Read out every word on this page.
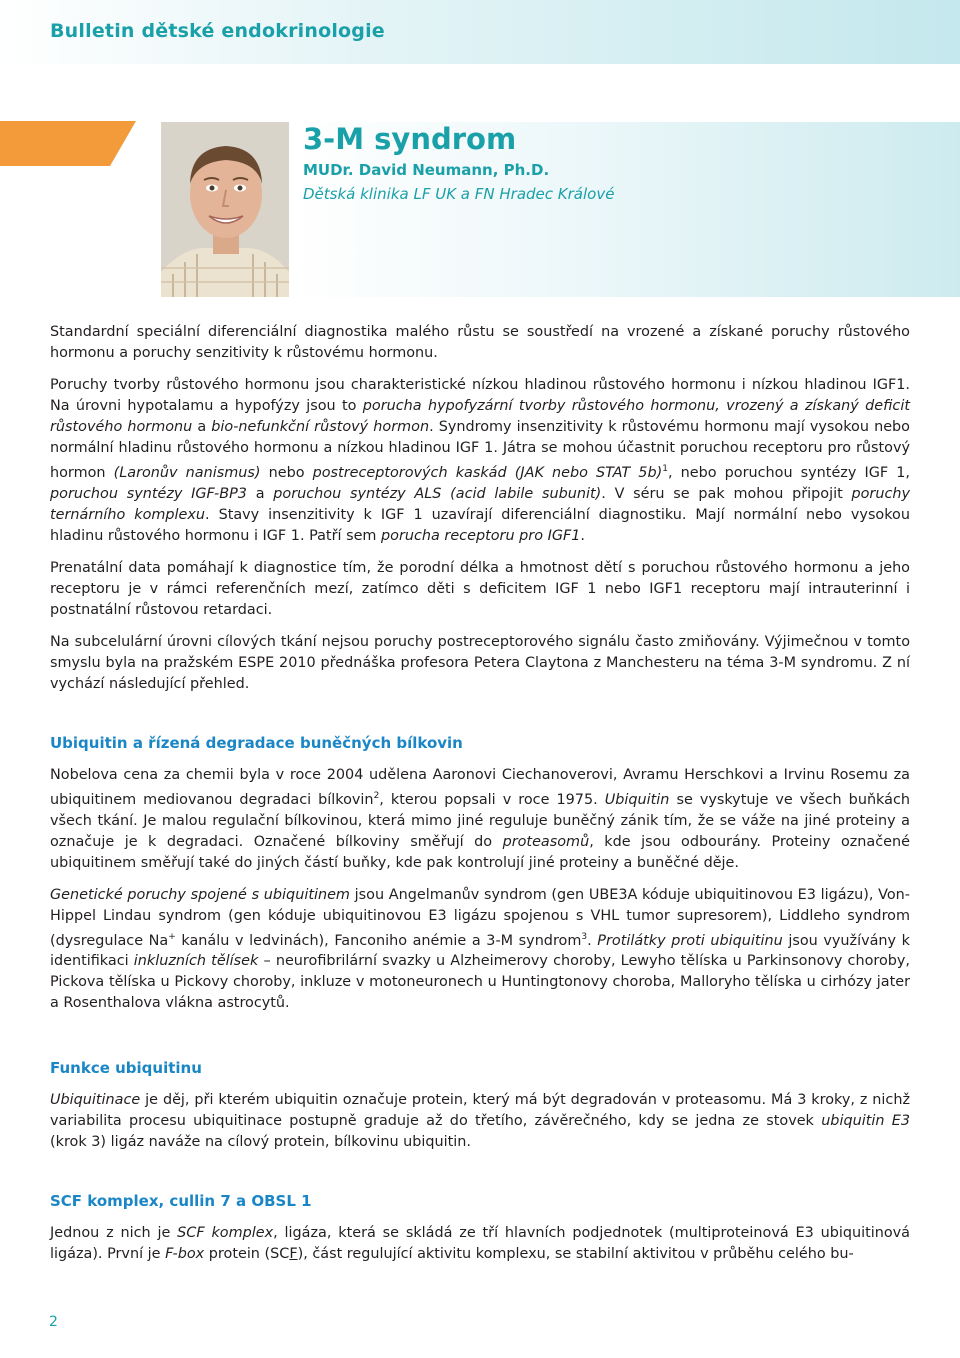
Bulletin dětské endokrinologie
3-M syndrom

MUDr. David Neumann, Ph.D.

Dětská klinika LF UK a FN Hradec Králové

Standardní speciální diferenciální diagnostika malého růstu se soustředí na vrozené a získané poruchy růstového hormonu a poruchy senzitivity k růstovému hormonu.

Poruchy tvorby růstového hormonu jsou charakteristické nízkou hladinou růstového hormonu i nízkou hladinou IGF1. Na úrovni hypotalamu a hypofýzy jsou to porucha hypofyzární tvorby růstového hormonu, vrozený a získaný deficit růstového hormonu a bio-nefunkční růstový hormon. Syndromy insenzitivity k růstovému hormonu mají vysokou nebo normální hladinu růstového hormonu a nízkou hladinou IGF 1. Játra se mohou účastnit poruchou receptoru pro růstový hormon (Laronův nanismus) nebo postreceptorových kaskád (JAK nebo STAT 5b)$^1$, nebo poruchou syntézy IGF 1, poruchou syntézy IGF-BP3 a poruchou syntézy ALS (acid labile subunit). V séru se pak mohou připojit poruchy ternárního komplexu. Stavy insenzitivity k IGF 1 uzavírají diferenciální diagnostiku. Mají normální nebo vysokou hladinu růstového hormonu i IGF 1. Patří sem porucha receptoru pro IGF1.

Prenatální data pomáhají k diagnostice tím, že porodní délka a hmotnost dětí s poruchou růstového hormonu a jeho receptoru je v rámci referenčních mezí, zatímco děti s deficitem IGF 1 nebo IGF1 receptoru mají intrauterinní i postnatální růstovou retardaci.

Na subcelulární úrovni cílových tkání nejsou poruchy postreceptorového signálu často zmiňovány. Výjimečnou v tomto smyslu byla na pražském ESPE 2010 přednáška profesora Petera Claytona z Manchesteru na téma 3-M syndromu. Z ní vychází následující přehled.

Ubiquitin a řízená degradace buněčných bílkovin

Nobelova cena za chemii byla v roce 2004 udělena Aaronovi Ciechanoverovi, Avramu Herschkovi a Irvinu Rosemu za ubiquitinem mediovanou degradaci bílkovin$^2$, kterou popsali v roce 1975. Ubiquitin se vyskytuje ve všech buňkách všech tkání. Je malou regulační bílkovinou, která mimo jiné reguluje buněčný zánik tím, že se váže na jiné proteiny a označuje je k degradaci. Označené bílkoviny směřují do proteasomů, kde jsou odbourány. Proteiny označené ubiquitinem směřují také do jiných částí buňky, kde pak kontrolují jiné proteiny a buněčné děje.

Genetické poruchy spojené s ubiquitinem jsou Angelmanův syndrom (gen UBE3A kóduje ubiquitinovou E3 ligázu), Von-Hippel Lindau syndrom (gen kóduje ubiquitinovou E3 ligázu spojenou s VHL tumor supresorem), Liddleho syndrom (dysregulace Na+ kanálu v ledvinách), Fanconiho anémie a 3-M syndrom$^3$. Protilátky proti ubiquitinu jsou využívány k identifikaci inkluzních tělísek – neurofibrilární svazky u Alzheimerovy choroby, Lewyho tělíska u Parkinsonovy choroby, Pickova tělíska u Pickovy choroby, inkluze v motoneuronech u Huntingtonovy choroba, Malloryho tělíska u cirhózy jater a Rosenthalova vlákna astrocytů.

Funkce ubiquitinu

Ubiquitinace je děj, při kterém ubiquitin označuje protein, který má být degradován v proteasomu. Má 3 kroky, z nichž variabilita procesu ubiquitinace postupně graduje až do třetího, závěrečného, kdy se jedna ze stovek ubiquitin E3 (krok 3) ligáz naváže na cílový protein, bílkovinu ubiquitin.

SCF komplex, cullin 7 a OBSL 1

Jednou z nich je SCF komplex, ligáza, která se skládá ze tří hlavních podjednotek (multiproteinová E3 ubiquitinová ligáza). První je F-box protein (SCF), část regulující aktivitu komplexu, se stabilní aktivitou v průběhu celého bu-

2
